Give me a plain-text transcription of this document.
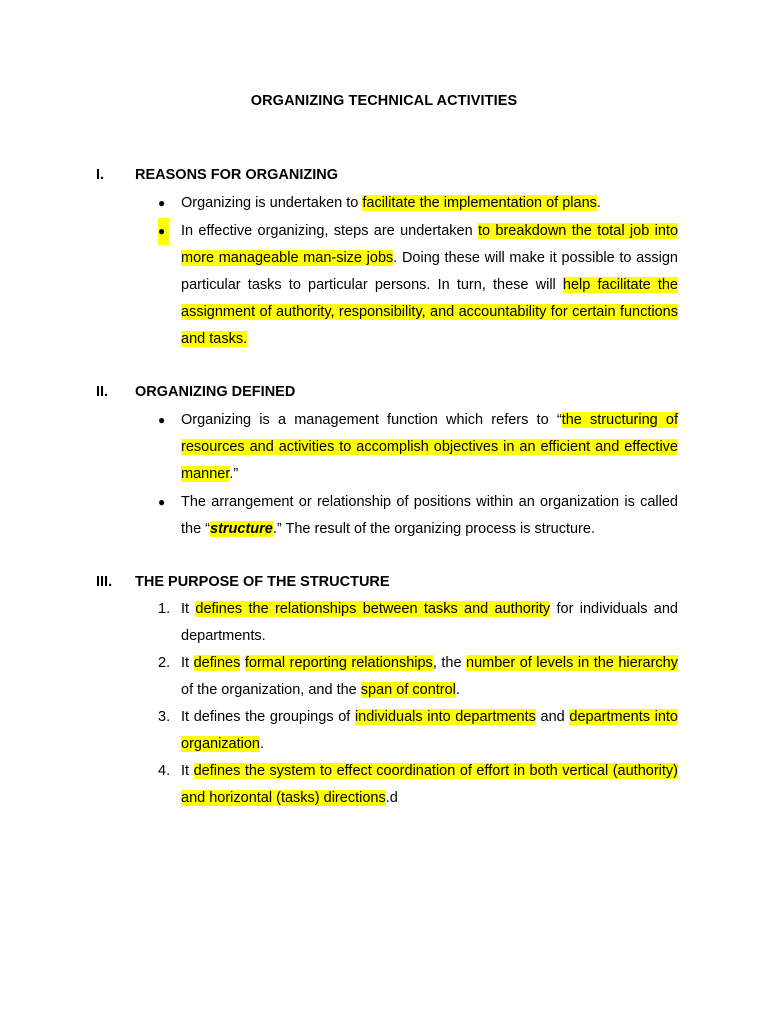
ORGANIZING TECHNICAL ACTIVITIES
I. REASONS FOR ORGANIZING
● Organizing is undertaken to facilitate the implementation of plans.

● In effective organizing, steps are undertaken to breakdown the total job into more manageable man-size jobs. Doing these will make it possible to assign particular tasks to particular persons. In turn, these will help facilitate the assignment of authority, responsibility, and accountability for certain functions and tasks.

II. ORGANIZING DEFINED
● Organizing is a management function which refers to “the structuring of resources and activities to accomplish objectives in an efficient and effective manner.”

● The arrangement or relationship of positions within an organization is called the “structure.” The result of the organizing process is structure.

III. THE PURPOSE OF THE STRUCTURE
1. It defines the relationships between tasks and authority for individuals and departments.

2. It defines formal reporting relationships, the number of levels in the hierarchy of the organization, and the span of control.

3. It defines the groupings of individuals into departments and departments into organization.

4. It defines the system to effect coordination of effort in both vertical (authority) and horizontal (tasks) directions.d
